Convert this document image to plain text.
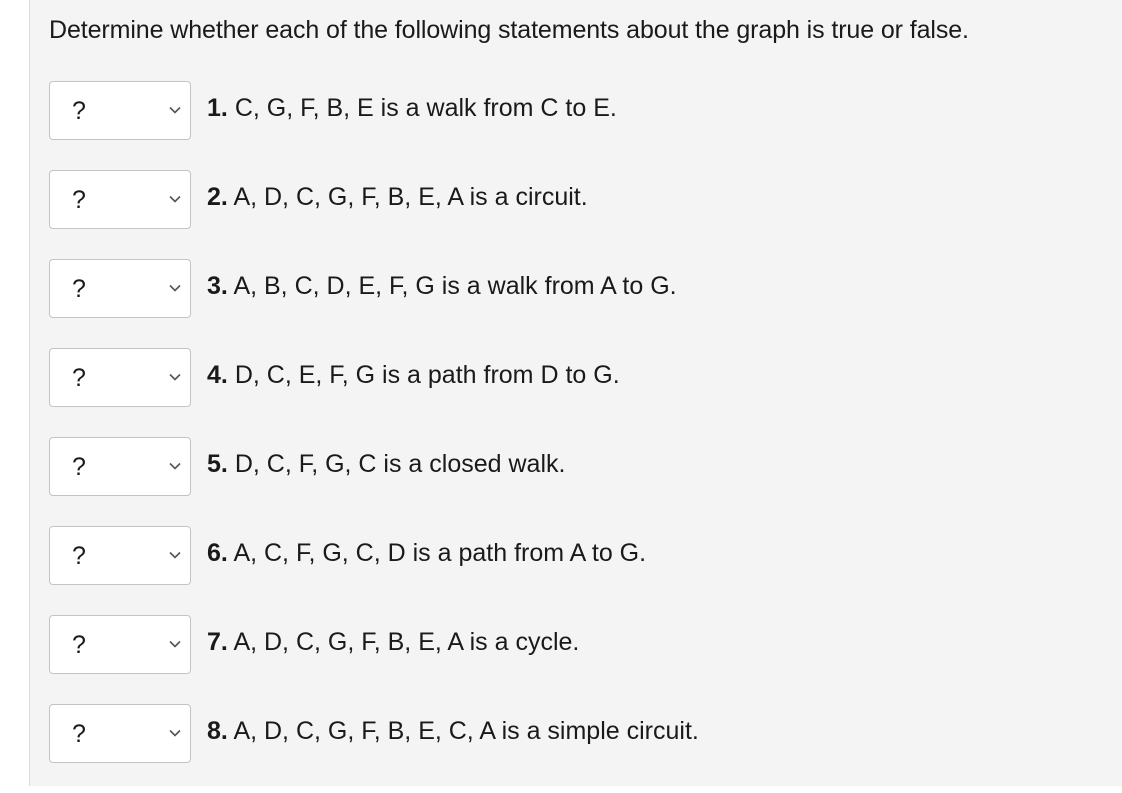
Determine whether each of the following statements about the graph is true or false.

?	1. C, G, F, B, E is a walk from C to E.
?	2. A, D, C, G, F, B, E, A is a circuit.
?	3. A, B, C, D, E, F, G is a walk from A to G.
?	4. D, C, E, F, G is a path from D to G.
?	5. D, C, F, G, C is a closed walk.
?	6. A, C, F, G, C, D is a path from A to G.
?	7. A, D, C, G, F, B, E, A is a cycle.
?	8. A, D, C, G, F, B, E, C, A is a simple circuit.
